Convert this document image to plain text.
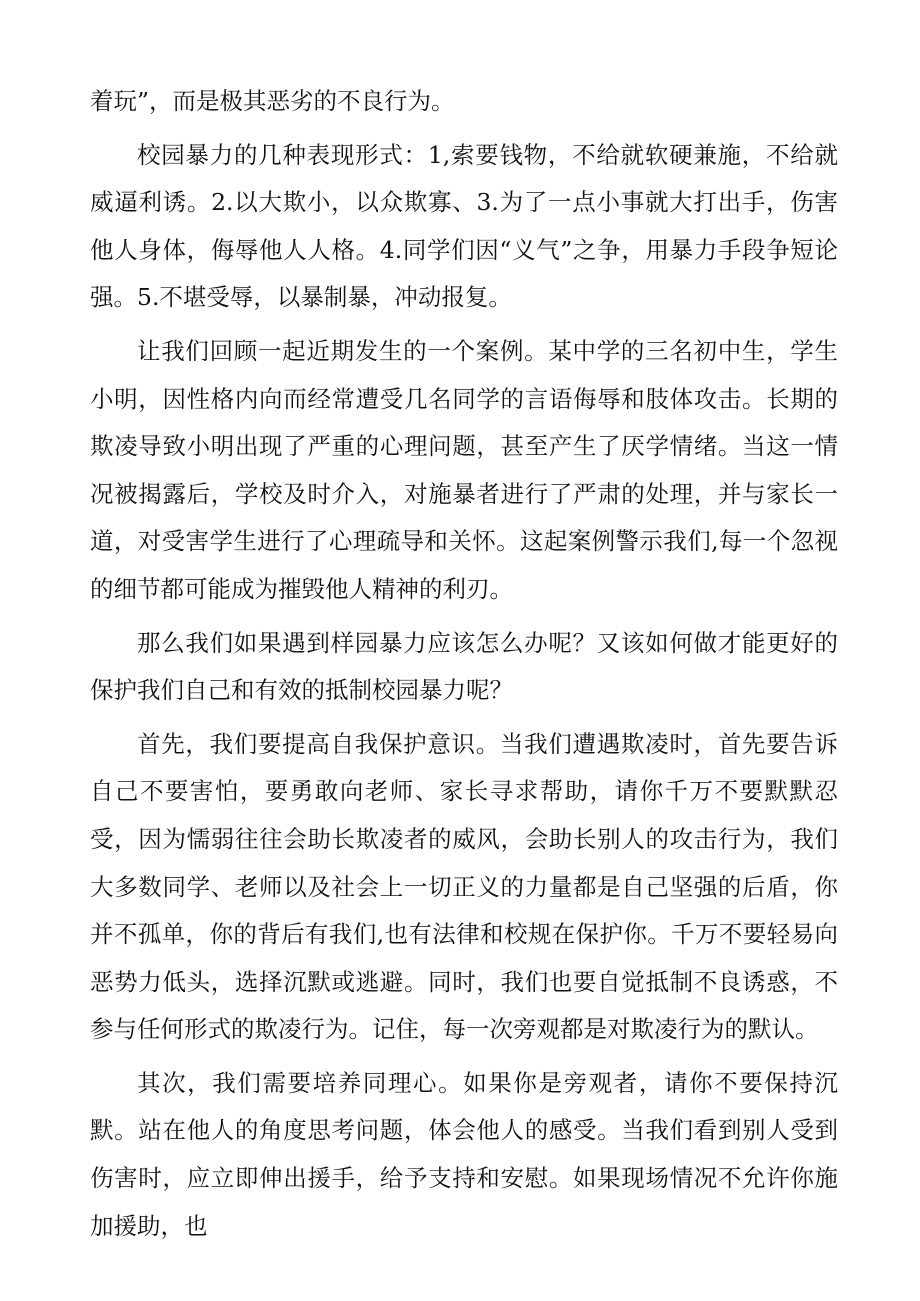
着玩”，而是极其恶劣的不良行为。

校园暴力的几种表现形式：1,索要钱物，不给就软硬兼施，不给就威逼利诱。2.以大欺小，以众欺寡、3.为了一点小事就大打出手，伤害他人身体，侮辱他人人格。4.同学们因“义气”之争，用暴力手段争短论强。5.不堪受辱，以暴制暴，冲动报复。

让我们回顾一起近期发生的一个案例。某中学的三名初中生，学生小明，因性格内向而经常遭受几名同学的言语侮辱和肢体攻击。长期的欺凌导致小明出现了严重的心理问题，甚至产生了厌学情绪。当这一情况被揭露后，学校及时介入，对施暴者进行了严肃的处理，并与家长一道，对受害学生进行了心理疏导和关怀。这起案例警示我们,每一个忽视的细节都可能成为摧毁他人精神的利刃。

那么我们如果遇到样园暴力应该怎么办呢？又该如何做才能更好的保护我们自己和有效的抵制校园暴力呢？

首先，我们要提高自我保护意识。当我们遭遇欺凌时，首先要告诉自己不要害怕，要勇敢向老师、家长寻求帮助，请你千万不要默默忍受，因为懦弱往往会助长欺凌者的威风，会助长别人的攻击行为，我们大多数同学、老师以及社会上一切正义的力量都是自己坚强的后盾，你并不孤单，你的背后有我们,也有法律和校规在保护你。千万不要轻易向恶势力低头，选择沉默或逃避。同时，我们也要自觉抵制不良诱惑，不参与任何形式的欺凌行为。记住，每一次旁观都是对欺凌行为的默认。

其次，我们需要培养同理心。如果你是旁观者，请你不要保持沉默。站在他人的角度思考问题，体会他人的感受。当我们看到别人受到伤害时，应立即伸出援手，给予支持和安慰。如果现场情况不允许你施加援助，也
